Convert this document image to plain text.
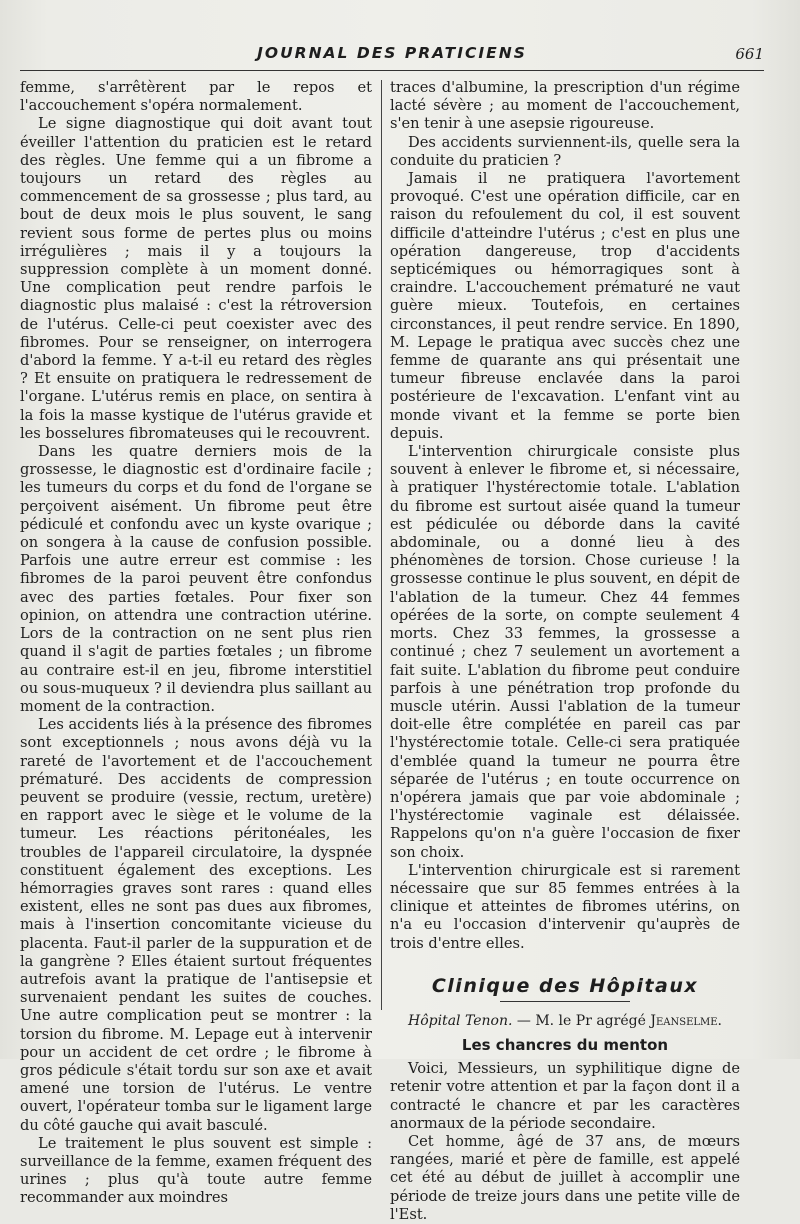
JOURNAL DES PRATICIENS	661

femme, s'arrêtèrent par le repos et l'accouchement s'opéra normalement.

Le signe diagnostique qui doit avant tout éveiller l'attention du praticien est le retard des règles. Une femme qui a un fibrome a toujours un retard des règles au commencement de sa grossesse ; plus tard, au bout de deux mois le plus souvent, le sang revient sous forme de pertes plus ou moins irrégulières ; mais il y a toujours la suppression complète à un moment donné. Une complication peut rendre parfois le diagnostic plus malaisé : c'est la rétroversion de l'utérus. Celle-ci peut coexister avec des fibromes. Pour se renseigner, on interrogera d'abord la femme. Y a-t-il eu retard des règles ? Et ensuite on pratiquera le redressement de l'organe. L'utérus remis en place, on sentira à la fois la masse kystique de l'utérus gravide et les bosselures fibromateuses qui le recouvrent.

Dans les quatre derniers mois de la grossesse, le diagnostic est d'ordinaire facile ; les tumeurs du corps et du fond de l'organe se perçoivent aisément. Un fibrome peut être pédiculé et confondu avec un kyste ovarique ; on songera à la cause de confusion possible. Parfois une autre erreur est commise : les fibromes de la paroi peuvent être confondus avec des parties fœtales. Pour fixer son opinion, on attendra une contraction utérine. Lors de la contraction on ne sent plus rien quand il s'agit de parties fœtales ; un fibrome au contraire est-il en jeu, fibrome interstitiel ou sous-muqueux ? il deviendra plus saillant au moment de la contraction.

Les accidents liés à la présence des fibromes sont exceptionnels ; nous avons déjà vu la rareté de l'avortement et de l'accouchement prématuré. Des accidents de compression peuvent se produire (vessie, rectum, uretère) en rapport avec le siège et le volume de la tumeur. Les réactions péritonéales, les troubles de l'appareil circulatoire, la dyspnée constituent également des exceptions. Les hémorragies graves sont rares : quand elles existent, elles ne sont pas dues aux fibromes, mais à l'insertion concomitante vicieuse du placenta. Faut-il parler de la suppuration et de la gangrène ? Elles étaient surtout fréquentes autrefois avant la pratique de l'antisepsie et survenaient pendant les suites de couches. Une autre complication peut se montrer : la torsion du fibrome. M. Lepage eut à intervenir pour un accident de cet ordre ; le fibrome à gros pédicule s'était tordu sur son axe et avait amené une torsion de l'utérus. Le ventre ouvert, l'opérateur tomba sur le ligament large du côté gauche qui avait basculé.

Le traitement le plus souvent est simple : surveillance de la femme, examen fréquent des urines ; plus qu'à toute autre femme recommander aux moindres

traces d'albumine, la prescription d'un régime lacté sévère ; au moment de l'accouchement, s'en tenir à une asepsie rigoureuse.

Des accidents surviennent-ils, quelle sera la conduite du praticien ?

Jamais il ne pratiquera l'avortement provoqué. C'est une opération difficile, car en raison du refoulement du col, il est souvent difficile d'atteindre l'utérus ; c'est en plus une opération dangereuse, trop d'accidents septicémiques ou hémorragiques sont à craindre. L'accouchement prématuré ne vaut guère mieux. Toutefois, en certaines circonstances, il peut rendre service. En 1890, M. Lepage le pratiqua avec succès chez une femme de quarante ans qui présentait une tumeur fibreuse enclavée dans la paroi postérieure de l'excavation. L'enfant vint au monde vivant et la femme se porte bien depuis.

L'intervention chirurgicale consiste plus souvent à enlever le fibrome et, si nécessaire, à pratiquer l'hystérectomie totale. L'ablation du fibrome est surtout aisée quand la tumeur est pédiculée ou déborde dans la cavité abdominale, ou a donné lieu à des phénomènes de torsion. Chose curieuse ! la grossesse continue le plus souvent, en dépit de l'ablation de la tumeur. Chez 44 femmes opérées de la sorte, on compte seulement 4 morts. Chez 33 femmes, la grossesse a continué ; chez 7 seulement un avortement a fait suite. L'ablation du fibrome peut conduire parfois à une pénétration trop profonde du muscle utérin. Aussi l'ablation de la tumeur doit-elle être complétée en pareil cas par l'hystérectomie totale. Celle-ci sera pratiquée d'emblée quand la tumeur ne pourra être séparée de l'utérus ; en toute occurrence on n'opérera jamais que par voie abdominale ; l'hystérectomie vaginale est délaissée. Rappelons qu'on n'a guère l'occasion de fixer son choix.

L'intervention chirurgicale est si rarement nécessaire que sur 85 femmes entrées à la clinique et atteintes de fibromes utérins, on n'a eu l'occasion d'intervenir qu'auprès de trois d'entre elles.

Clinique des Hôpitaux
Hôpital Tenon. — M. le Pr agrégé Jeanselme.
Les chancres du menton

Voici, Messieurs, un syphilitique digne de retenir votre attention et par la façon dont il a contracté le chancre et par les caractères anormaux de la période secondaire.

Cet homme, âgé de 37 ans, de mœurs rangées, marié et père de famille, est appelé cet été au début de juillet à accomplir une période de treize jours dans une petite ville de l'Est.
